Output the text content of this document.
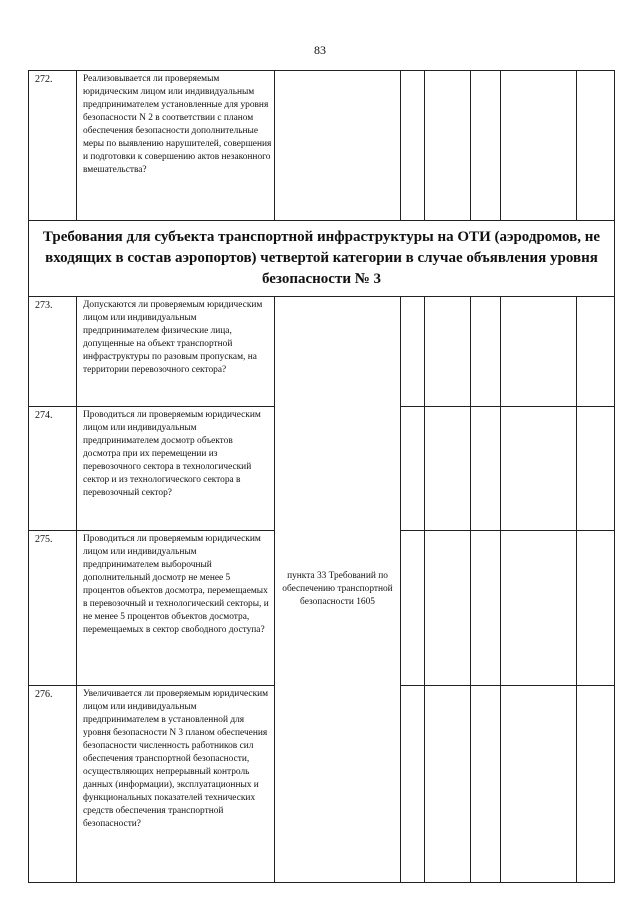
83
272.	Реализовывается ли проверяемым юридическим лицом или индивидуальным предпринимателем установленные для уровня безопасности N 2 в соответствии с планом обеспечения безопасности дополнительные меры по выявлению нарушителей, совершения и подготовки к совершению актов незаконного вмешательства?						
Требования для субъекта транспортной инфраструктуры на ОТИ (аэродромов, не входящих в состав аэропортов) четвертой категории в случае объявления уровня безопасности № 3							
273.	Допускаются ли проверяемым юридическим лицом или индивидуальным предпринимателем физические лица, допущенные на объект транспортной инфраструктуры по разовым пропускам, на территории перевозочного сектора?	пункта 33 Требований по обеспечению транспортной безопасности 1605					
274.	Проводиться ли проверяемым юридическим лицом или индивидуальным предпринимателем досмотр объектов досмотра при их перемещении из перевозочного сектора в технологический сектор и из технологического сектора в перевозочный сектор?						
275.	Проводиться ли проверяемым юридическим лицом или индивидуальным предпринимателем выборочный дополнительный досмотр не менее 5 процентов объектов досмотра, перемещаемых в перевозочный и технологический секторы, и не менее 5 процентов объектов досмотра, перемещаемых в сектор свободного доступа?						
276.	Увеличивается ли проверяемым юридическим лицом или индивидуальным предпринимателем в установленной для уровня безопасности N 3 планом обеспечения безопасности численность работников сил обеспечения транспортной безопасности, осуществляющих непрерывный контроль данных (информации), эксплуатационных и функциональных показателей технических средств обеспечения транспортной безопасности?						
